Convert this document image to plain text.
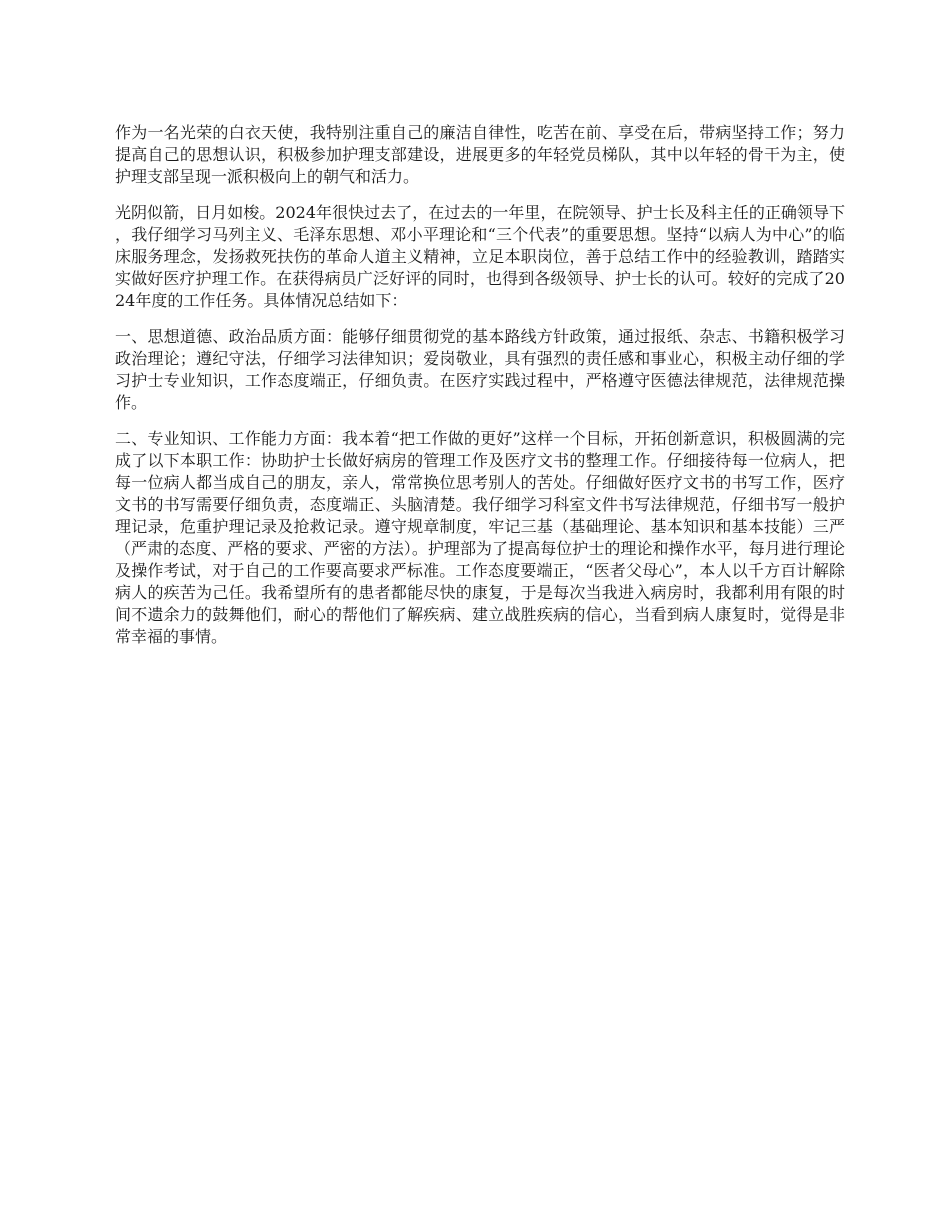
作为一名光荣的白衣天使，我特别注重自己的廉洁自律性，吃苦在前、享受在后，带病坚持工作；努力提高自己的思想认识，积极参加护理支部建设，进展更多的年轻党员梯队，其中以年轻的骨干为主，使护理支部呈现一派积极向上的朝气和活力。

光阴似箭，日月如梭。2024年很快过去了，在过去的一年里，在院领导、护士长及科主任的正确领导下，我仔细学习马列主义、毛泽东思想、邓小平理论和“三个代表”的重要思想。坚持“以病人为中心”的临床服务理念，发扬救死扶伤的革命人道主义精神，立足本职岗位，善于总结工作中的经验教训，踏踏实实做好医疗护理工作。在获得病员广泛好评的同时，也得到各级领导、护士长的认可。较好的完成了2024年度的工作任务。具体情况总结如下：

一、思想道德、政治品质方面：能够仔细贯彻党的基本路线方针政策，通过报纸、杂志、书籍积极学习政治理论；遵纪守法，仔细学习法律知识；爱岗敬业，具有强烈的责任感和事业心，积极主动仔细的学习护士专业知识，工作态度端正，仔细负责。在医疗实践过程中，严格遵守医德法律规范，法律规范操作。

二、专业知识、工作能力方面：我本着“把工作做的更好”这样一个目标，开拓创新意识，积极圆满的完成了以下本职工作：协助护士长做好病房的管理工作及医疗文书的整理工作。仔细接待每一位病人，把每一位病人都当成自己的朋友，亲人，常常换位思考别人的苦处。仔细做好医疗文书的书写工作，医疗文书的书写需要仔细负责，态度端正、头脑清楚。我仔细学习科室文件书写法律规范，仔细书写一般护理记录，危重护理记录及抢救记录。遵守规章制度，牢记三基（基础理论、基本知识和基本技能）三严（严肃的态度、严格的要求、严密的方法）。护理部为了提高每位护士的理论和操作水平，每月进行理论及操作考试，对于自己的工作要高要求严标准。工作态度要端正，“医者父母心”，本人以千方百计解除病人的疾苦为己任。我希望所有的患者都能尽快的康复，于是每次当我进入病房时，我都利用有限的时间不遗余力的鼓舞他们，耐心的帮他们了解疾病、建立战胜疾病的信心，当看到病人康复时，觉得是非常幸福的事情。
